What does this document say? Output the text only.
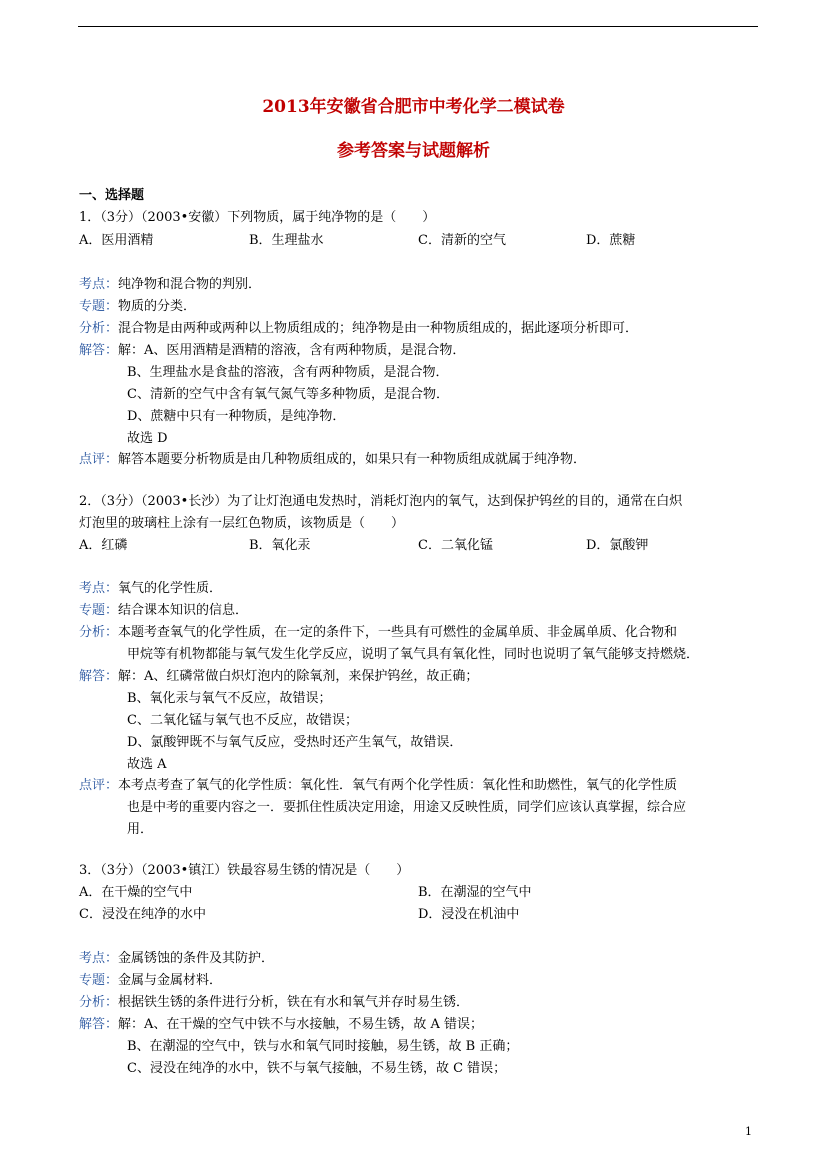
2013年安徽省合肥市中考化学二模试卷
参考答案与试题解析
一、选择题
1．（3分）（2003•安徽）下列物质，属于纯净物的是（　　）
A．医用酒精	B．生理盐水	C．清新的空气	D．蔗糖
考点：纯净物和混合物的判别．
专题：物质的分类．
分析：混合物是由两种或两种以上物质组成的；纯净物是由一种物质组成的，据此逐项分析即可．
解答：解：A、医用酒精是酒精的溶液，含有两种物质，是混合物．
B、生理盐水是食盐的溶液，含有两种物质，是混合物．
C、清新的空气中含有氧气氮气等多种物质，是混合物．
D、蔗糖中只有一种物质，是纯净物．
故选 D
点评：解答本题要分析物质是由几种物质组成的，如果只有一种物质组成就属于纯净物．
2．（3分）（2003•长沙）为了让灯泡通电发热时，消耗灯泡内的氧气，达到保护钨丝的目的，通常在白炽
灯泡里的玻璃柱上涂有一层红色物质，该物质是（　　）
A．红磷	B．氧化汞	C．二氧化锰	D．氯酸钾
考点：氧气的化学性质．
专题：结合课本知识的信息．
分析：本题考查氧气的化学性质，在一定的条件下，一些具有可燃性的金属单质、非金属单质、化合物和
甲烷等有机物都能与氧气发生化学反应，说明了氧气具有氧化性，同时也说明了氧气能够支持燃烧．
解答：解：A、红磷常做白炽灯泡内的除氧剂，来保护钨丝，故正确；
B、氧化汞与氧气不反应，故错误；
C、二氧化锰与氧气也不反应，故错误；
D、氯酸钾既不与氧气反应，受热时还产生氧气，故错误．
故选 A
点评：本考点考查了氧气的化学性质：氧化性．氧气有两个化学性质：氧化性和助燃性，氧气的化学性质
也是中考的重要内容之一．要抓住性质决定用途，用途又反映性质，同学们应该认真掌握，综合应
用．
3．（3分）（2003•镇江）铁最容易生锈的情况是（　　）
A．在干燥的空气中	B．在潮湿的空气中
C．浸没在纯净的水中	D．浸没在机油中
考点：金属锈蚀的条件及其防护．
专题：金属与金属材料．
分析：根据铁生锈的条件进行分析，铁在有水和氧气并存时易生锈．
解答：解：A、在干燥的空气中铁不与水接触，不易生锈，故 A 错误；
B、在潮湿的空气中，铁与水和氧气同时接触，易生锈，故 B 正确；
C、浸没在纯净的水中，铁不与氧气接触，不易生锈，故 C 错误；
1
